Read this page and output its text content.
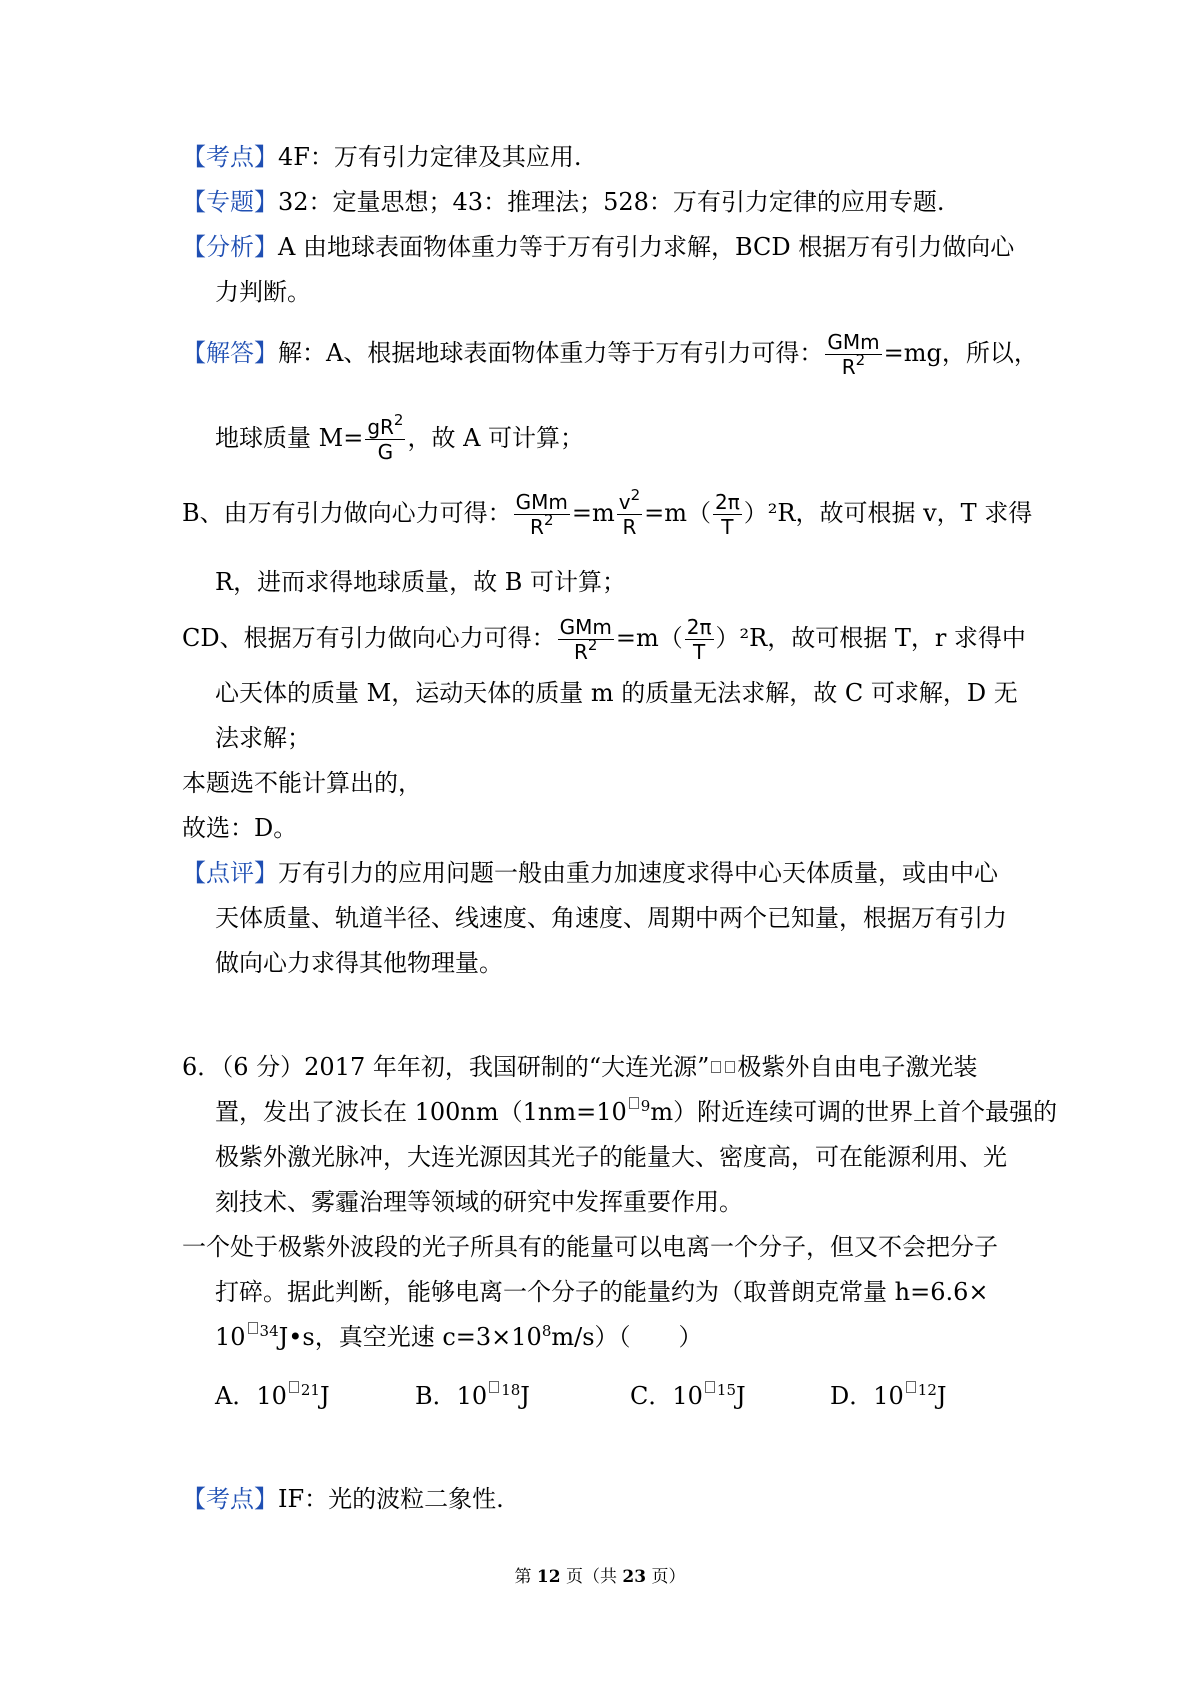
【考点】4F：万有引力定律及其应用.
【专题】32：定量思想；43：推理法；528：万有引力定律的应用专题.
【分析】A 由地球表面物体重力等于万有引力求解，BCD 根据万有引力做向心
力判断。
【解答】解：A、根据地球表面物体重力等于万有引力可得： $\frac{\text{GMm}}{R^2} =mg$，所以，
地球质量 $M= \frac{gR^2}{G}$ ，故 A 可计算；
B、由万有引力做向心力可得： $\frac{\text{GMm}}{R^2} =m \frac{v^2}{R} =m( \frac{2\pi}{T} )^2R$，故可根据 v，T 求得
R，进而求得地球质量，故 B 可计算；
CD、根据万有引力做向心力可得： $\frac{\text{GMm}}{R^2} =m( \frac{2\pi}{T} )^2R$，故可根据 T，r 求得中
心天体的质量 M，运动天体的质量 m 的质量无法求解，故 C 可求解，D 无
法求解；
本题选不能计算出的，
故选：D。
【点评】万有引力的应用问题一般由重力加速度求得中心天体质量，或由中心
天体质量、轨道半径、线速度、角速度、周期中两个已知量，根据万有引力
做向心力求得其他物理量。
6．（6 分）2017 年年初，我国研制的“大连光源” 极紫外自由电子激光装
置，发出了波长在 100nm（1nm=10 $^9$m）附近连续可调的世界上首个最强的
极紫外激光脉冲，大连光源因其光子的能量大、密度高，可在能源利用、光
刻技术、雾霾治理等领域的研究中发挥重要作用。
一个处于极紫外波段的光子所具有的能量可以电离一个分子，但又不会把分子
打碎。据此判断，能够电离一个分子的能量约为（取普朗克常量 h=6.6×
10 $^{34}$J•s，真空光速 $c=3\times 10^8m/s$）（　　）
A．10 $^{21}$J	B．10 $^{18}$J	C．10 $^{15}$J	D．10 $^{12}$J
【考点】IF：光的波粒二象性.
第 12 页（共 23 页）
